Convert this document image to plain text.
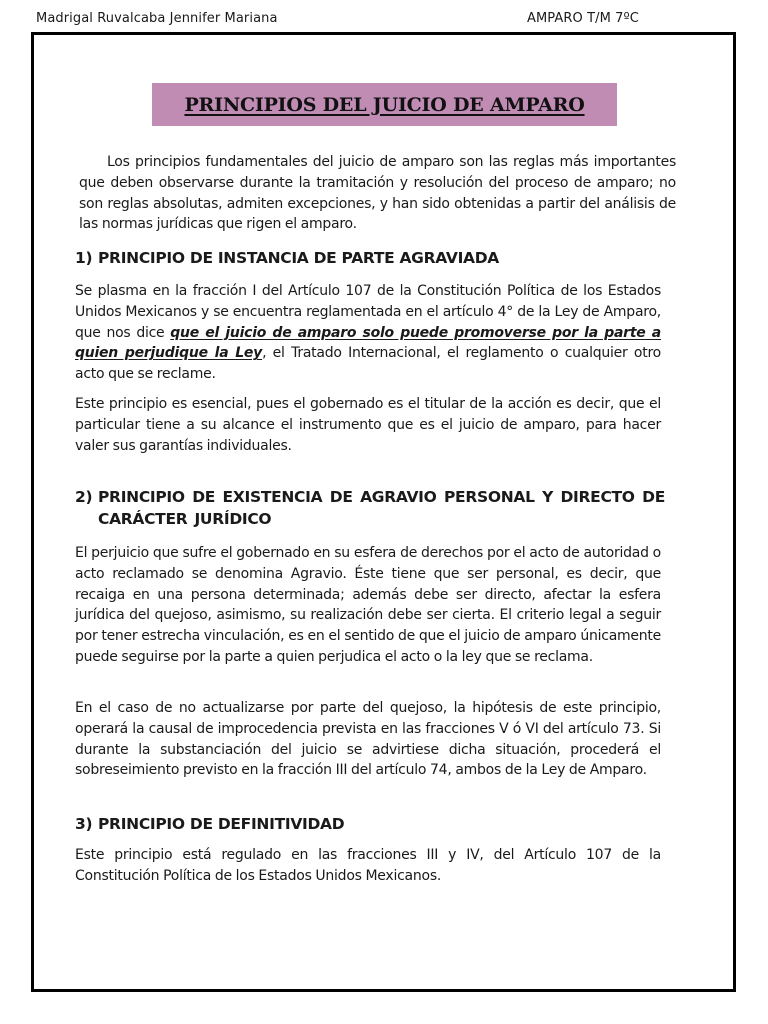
Madrigal Ruvalcaba Jennifer Mariana	AMPARO T/M 7ºC
PRINCIPIOS DEL JUICIO DE AMPARO
Los principios fundamentales del juicio de amparo son las reglas más importantes que deben observarse durante la tramitación y resolución del proceso de amparo; no son reglas absolutas, admiten excepciones, y han sido obtenidas a partir del análisis de las normas jurídicas que rigen el amparo.
1) PRINCIPIO DE INSTANCIA DE PARTE AGRAVIADA
Se plasma en la fracción I del Artículo 107 de la Constitución Política de los Estados Unidos Mexicanos y se encuentra reglamentada en el artículo 4° de la Ley de Amparo, que nos dice que el juicio de amparo solo puede promoverse por la parte a quien perjudique la Ley, el Tratado Internacional, el reglamento o cualquier otro acto que se reclame.
Este principio es esencial, pues el gobernado es el titular de la acción es decir, que el particular tiene a su alcance el instrumento que es el juicio de amparo, para hacer valer sus garantías individuales.
2) PRINCIPIO DE EXISTENCIA DE AGRAVIO PERSONAL Y DIRECTO DE CARÁCTER JURÍDICO
El perjuicio que sufre el gobernado en su esfera de derechos por el acto de autoridad o acto reclamado se denomina Agravio. Éste tiene que ser personal, es decir, que recaiga en una persona determinada; además debe ser directo, afectar la esfera jurídica del quejoso, asimismo, su realización debe ser cierta. El criterio legal a seguir por tener estrecha vinculación, es en el sentido de que el juicio de amparo únicamente puede seguirse por la parte a quien perjudica el acto o la ley que se reclama.
En el caso de no actualizarse por parte del quejoso, la hipótesis de este principio, operará la causal de improcedencia prevista en las fracciones V ó VI del artículo 73. Si durante la substanciación del juicio se advirtiese dicha situación, procederá el sobreseimiento previsto en la fracción III del artículo 74, ambos de la Ley de Amparo.
3) PRINCIPIO DE DEFINITIVIDAD
Este principio está regulado en las fracciones III y IV, del Artículo 107 de la Constitución Política de los Estados Unidos Mexicanos.
